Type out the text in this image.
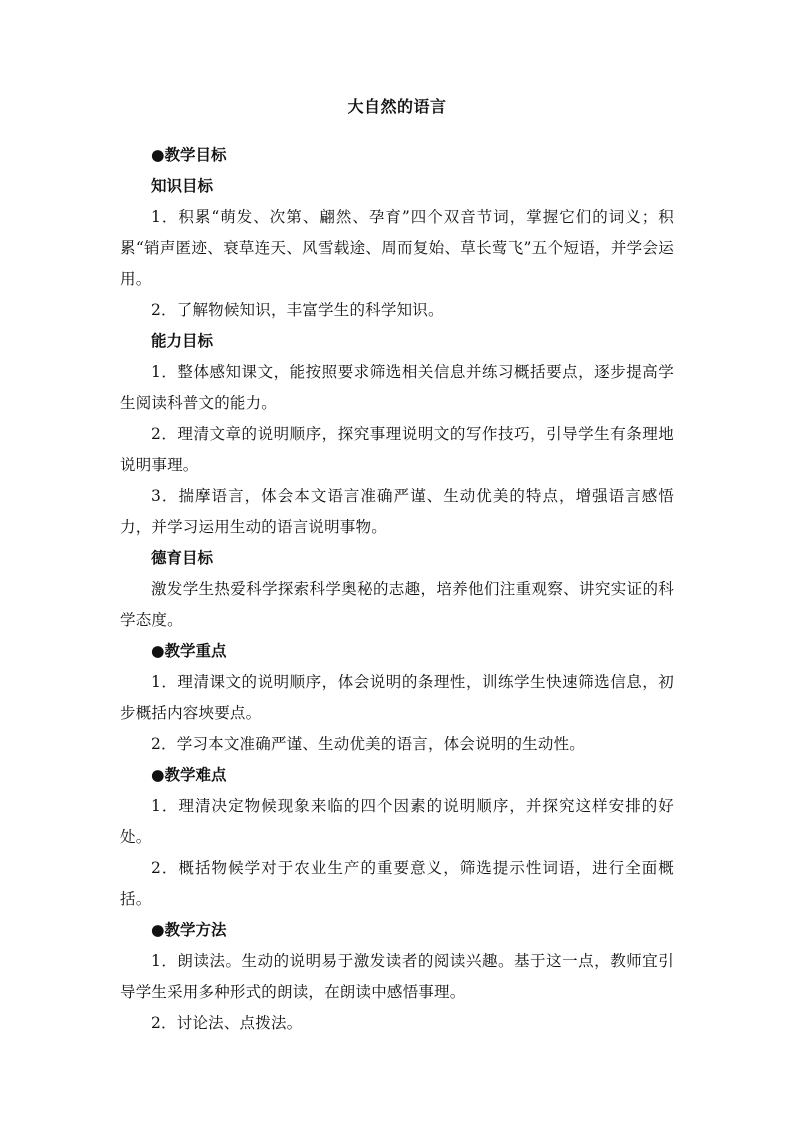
大自然的语言
●教学目标
知识目标

1．积累“萌发、次第、翩然、孕育”四个双音节词，掌握它们的词义；积累“销声匿迹、衰草连天、风雪载途、周而复始、草长莺飞”五个短语，并学会运用。

2．了解物候知识，丰富学生的科学知识。

能力目标

1．整体感知课文，能按照要求筛选相关信息并练习概括要点，逐步提高学生阅读科普文的能力。

2．理清文章的说明顺序，探究事理说明文的写作技巧，引导学生有条理地说明事理。

3．揣摩语言，体会本文语言准确严谨、生动优美的特点，增强语言感悟力，并学习运用生动的语言说明事物。

德育目标

激发学生热爱科学探索科学奥秘的志趣，培养他们注重观察、讲究实证的科学态度。

●教学重点

1．理清课文的说明顺序，体会说明的条理性，训练学生快速筛选信息，初步概括内容埉要点。

2．学习本文准确严谨、生动优美的语言，体会说明的生动性。

●教学难点

1．理清决定物候现象来临的四个因素的说明顺序，并探究这样安排的好处。

2．概括物候学对于农业生产的重要意义，筛选提示性词语，进行全面概括。

●教学方法

1．朗读法。生动的说明易于激发读者的阅读兴趣。基于这一点，教师宜引导学生采用多种形式的朗读，在朗读中感悟事理。

2．讨论法、点拨法。
